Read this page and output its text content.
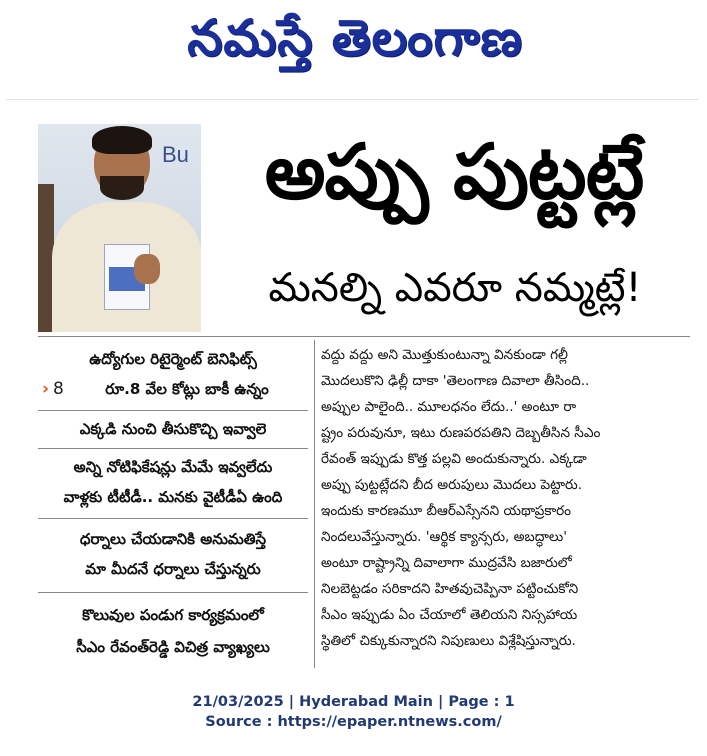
నమస్తే తెలంగాణ
Bu అప్పు పుట్టట్లే
మనల్ని ఎవరూ నమ్మట్లే!
ఉద్యోగుల రిటైర్మెంట్ బెనిఫిట్స్
› 8	రూ.8 వేల కోట్లు బాకీ ఉన్నం
ఎక్కడి నుంచి తీసుకొచ్చి ఇవ్వాలె
అన్ని నోటిఫికేషన్లు మేమే ఇవ్వలేదు
వాళ్లకు టీటీడీ.. మనకు వైటీడీఏ ఉంది
ధర్నాలు చేయడానికి అనుమతిస్తే
మా మీదనే ధర్నాలు చేస్తున్నరు
కొలువుల పండుగ కార్యక్రమంలో
సీఎం రేవంత్‌రెడ్డి విచిత్ర వ్యాఖ్యలు
వద్దు వద్దు అని మొత్తుకుంటున్నా వినకుండా గల్లీ
మొదలుకొని ఢిల్లీ దాకా 'తెలంగాణ దివాలా తీసింది..
అప్పుల పాలైంది.. మూలధనం లేదు..' అంటూ రా
ష్ట్రం పరువునూ, ఇటు రుణపరపతిని దెబ్బతీసిన సీఎం
రేవంత్ ఇప్పుడు కొత్త పల్లవి అందుకున్నారు. ఎక్కడా
అప్పు పుట్టట్లేదని బీద అరుపులు మొదలు పెట్టారు.
ఇందుకు కారణమూ బీఆర్‌ఎస్సేనని యథాప్రకారం
నిందలువేస్తున్నారు. 'ఆర్థిక క్యాన్సరు, అబద్ధాలు'
అంటూ రాష్ట్రాన్ని దివాలాగా ముద్రవేసి బజారులో
నిలబెట్టడం సరికాదని హితవుచెప్పినా పట్టించుకోని
సీఎం ఇప్పుడు ఏం చేయాలో తెలియని నిస్సహాయ
స్థితిలో చిక్కుకున్నారని నిపుణులు విశ్లేషిస్తున్నారు.
21/03/2025 | Hyderabad Main | Page : 1
Source : https://epaper.ntnews.com/
